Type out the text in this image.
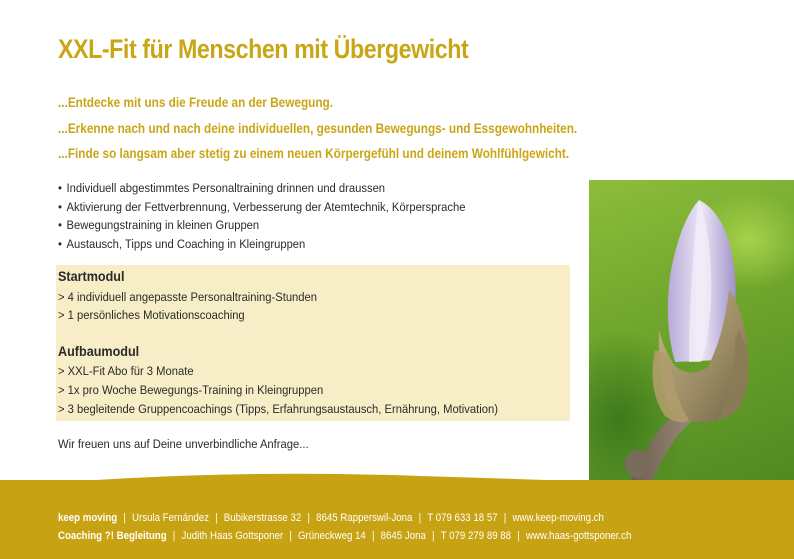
XXL-Fit für Menschen mit Übergewicht
...Entdecke mit uns die Freude an der Bewegung.
...Erkenne nach und nach deine individuellen, gesunden Bewegungs- und Essgewohnheiten.
...Finde so langsam aber stetig zu einem neuen Körpergefühl und deinem Wohlfühlgewicht.
• Individuell abgestimmtes Personaltraining drinnen und draussen
• Aktivierung der Fettverbrennung, Verbesserung der Atemtechnik, Körpersprache
• Bewegungstraining in kleinen Gruppen
• Austausch, Tipps und Coaching in Kleingruppen
Startmodul
> 4 individuell angepasste Personaltraining-Stunden
> 1 persönliches Motivationscoaching
Aufbaumodul
> XXL-Fit Abo für 3 Monate
> 1x pro Woche Bewegungs-Training in Kleingruppen
> 3 begleitende Gruppencoachings (Tipps, Erfahrungsaustausch, Ernährung, Motivation)
Wir freuen uns auf Deine unverbindliche Anfrage...
keep moving | Ursula Fernández | Bubikerstrasse 32 | 8645 Rapperswil-Jona | T 079 633 18 57 | www.keep-moving.ch
Coaching ?! Begleitung | Judith Haas Gottsponer | Grüneckweg 14 | 8645 Jona | T 079 279 89 88 | www.haas-gottsponer.ch
